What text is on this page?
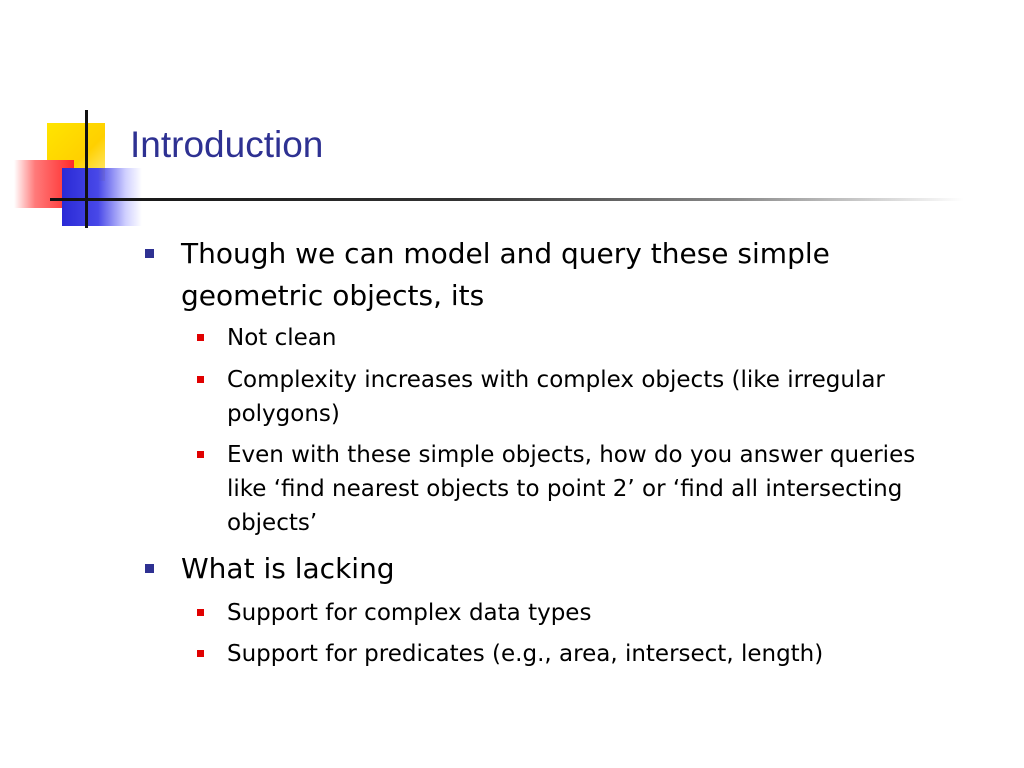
Introduction
Though we can model and query these simple geometric objects, its
Not clean
Complexity increases with complex objects (like irregular polygons)
Even with these simple objects, how do you answer queries like ‘find nearest objects to point 2’ or ‘find all intersecting objects’
What is lacking
Support for complex data types
Support for predicates (e.g., area, intersect, length)
